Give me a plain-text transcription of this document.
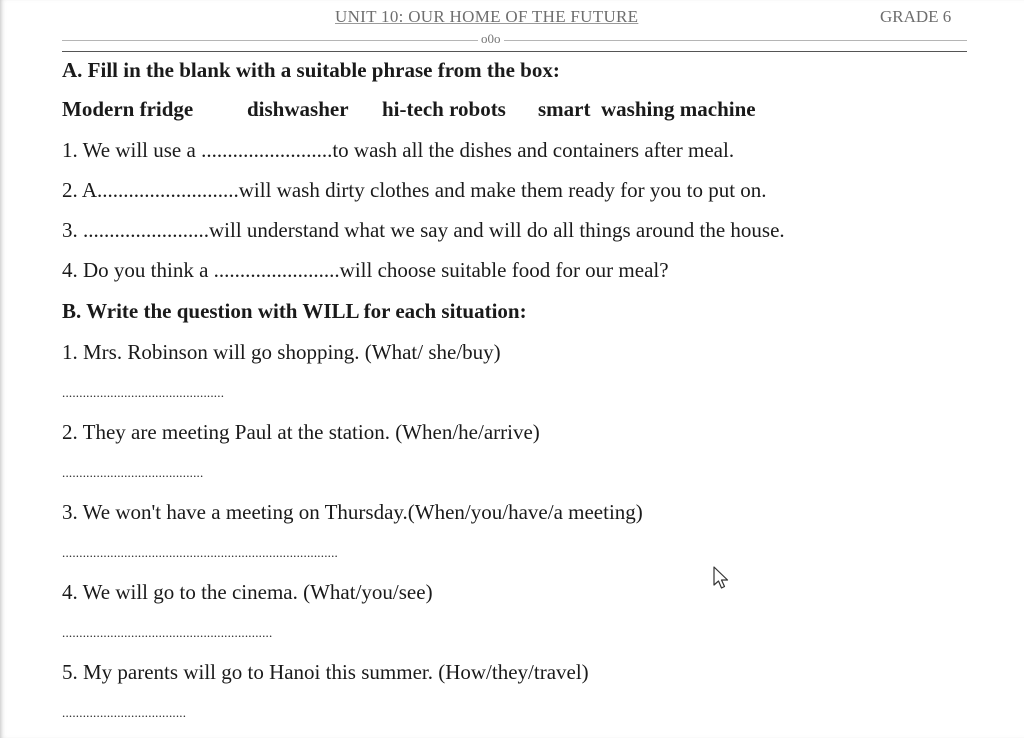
UNIT 10: OUR HOME OF THE FUTURE	GRADE 6
o0o
A. Fill in the blank with a suitable phrase from the box:
Modern fridge	dishwasher hi-tech robots smart  washing machine
1. We will use a .........................to wash all the dishes and containers after meal.
2. A...........................will wash dirty clothes and make them ready for you to put on.
3. ........................will understand what we say and will do all things around the house.
4. Do you think a ........................will choose suitable food for our meal?
B. Write the question with WILL for each situation:
1. Mrs. Robinson will go shopping. (What/ she/buy)
...............................................
2. They are meeting Paul at the station. (When/he/arrive)
.........................................
3. We won't have a meeting on Thursday.(When/you/have/a meeting)
................................................................................
4. We will go to the cinema. (What/you/see)
.............................................................
5. My parents will go to Hanoi this summer. (How/they/travel)
....................................
